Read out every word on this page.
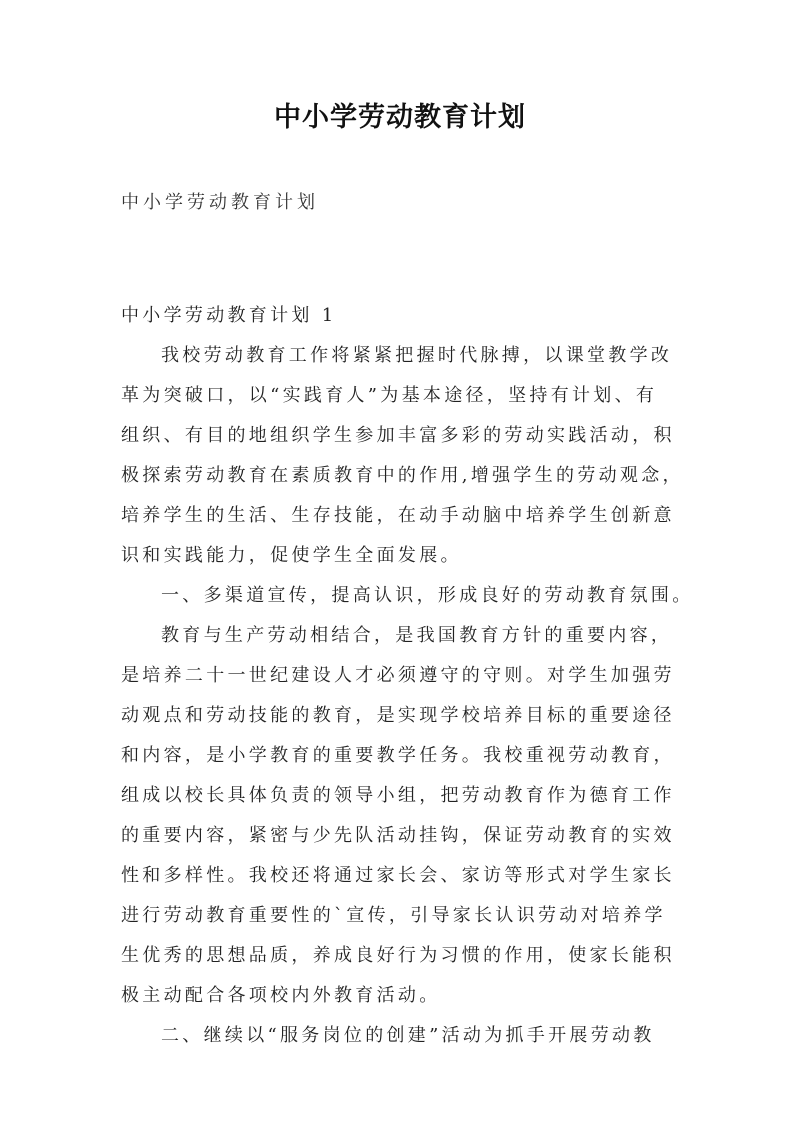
中小学劳动教育计划
中小学劳动教育计划
中小学劳动教育计划 1
我校劳动教育工作将紧紧把握时代脉搏，以课堂教学改
革为突破口，以“实践育人”为基本途径，坚持有计划、有
组织、有目的地组织学生参加丰富多彩的劳动实践活动，积
极探索劳动教育在素质教育中的作用,增强学生的劳动观念，
培养学生的生活、生存技能，在动手动脑中培养学生创新意
识和实践能力，促使学生全面发展。
一、多渠道宣传，提高认识，形成良好的劳动教育氛围。
教育与生产劳动相结合，是我国教育方针的重要内容，
是培养二十一世纪建设人才必须遵守的守则。对学生加强劳
动观点和劳动技能的教育，是实现学校培养目标的重要途径
和内容，是小学教育的重要教学任务。我校重视劳动教育，
组成以校长具体负责的领导小组，把劳动教育作为德育工作
的重要内容，紧密与少先队活动挂钩，保证劳动教育的实效
性和多样性。我校还将通过家长会、家访等形式对学生家长
进行劳动教育重要性的`宣传，引导家长认识劳动对培养学
生优秀的思想品质，养成良好行为习惯的作用，使家长能积
极主动配合各项校内外教育活动。
二、继续以“服务岗位的创建”活动为抓手开展劳动教
